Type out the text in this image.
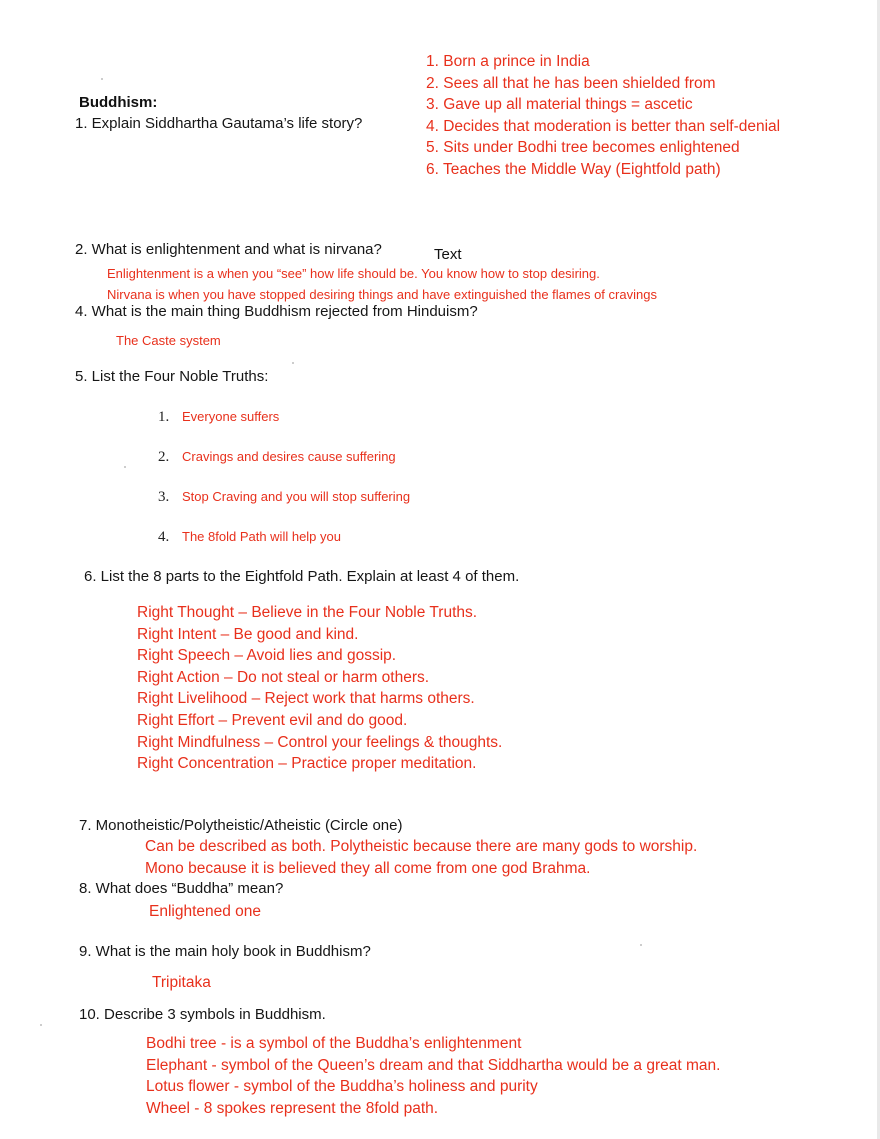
Buddhism:
1. Explain Siddhartha Gautama’s life story?
1. Born a prince in India
2. Sees all that he has been shielded from
3. Gave up all material things = ascetic
4. Decides that moderation is better than self-denial
5. Sits under Bodhi tree becomes enlightened
6. Teaches the Middle Way (Eightfold path)
2. What is enlightenment and what is nirvana?	Text
Enlightenment is a when you “see” how life should be. You know how to stop desiring.
Nirvana is when you have stopped desiring things and have extinguished the flames of cravings
4. What is the main thing Buddhism rejected from Hinduism?
The Caste system
5. List the Four Noble Truths:
1. Everyone suffers
2. Cravings and desires cause suffering
3. Stop Craving and you will stop suffering
4. The 8fold Path will help you
6. List the 8 parts to the Eightfold Path. Explain at least 4 of them.
Right Thought – Believe in the Four Noble Truths.
Right Intent – Be good and kind.
Right Speech – Avoid lies and gossip.
Right Action – Do not steal or harm others.
Right Livelihood – Reject work that harms others.
Right Effort – Prevent evil and do good.
Right Mindfulness – Control your feelings & thoughts.
Right Concentration – Practice proper meditation.
7. Monotheistic/Polytheistic/Atheistic (Circle one)
Can be described as both. Polytheistic because there are many gods to worship.
Mono because it is believed they all come from one god Brahma.
8. What does “Buddha” mean?
Enlightened one
9. What is the main holy book in Buddhism?
Tripitaka
10. Describe 3 symbols in Buddhism.
Bodhi tree - is a symbol of the Buddha’s enlightenment
Elephant - symbol of the Queen’s dream and that Siddhartha would be a great man.
Lotus flower - symbol of the Buddha’s holiness and purity
Wheel - 8 spokes represent the 8fold path.
